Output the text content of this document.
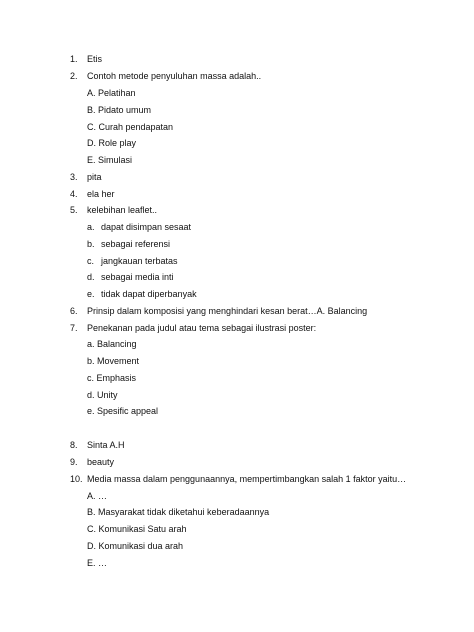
1. Etis
2. Contoh metode penyuluhan massa adalah..
A. Pelatihan
B. Pidato umum
C. Curah pendapatan
D. Role play
E. Simulasi
3. pita
4. ela her
5. kelebihan leaflet..
a. dapat disimpan sesaat
b. sebagai referensi
c. jangkauan terbatas
d. sebagai media inti
e. tidak dapat diperbanyak
6. Prinsip dalam komposisi yang menghindari kesan berat…A. Balancing
7. Penekanan pada judul atau tema sebagai ilustrasi poster:
a. Balancing
b. Movement
c. Emphasis
d. Unity
e. Spesific appeal
8. Sinta A.H
9. beauty
10. Media massa dalam penggunaannya, mempertimbangkan salah 1 faktor yaitu…
A. …
B. Masyarakat tidak diketahui keberadaannya
C. Komunikasi Satu arah
D. Komunikasi dua arah
E. …
